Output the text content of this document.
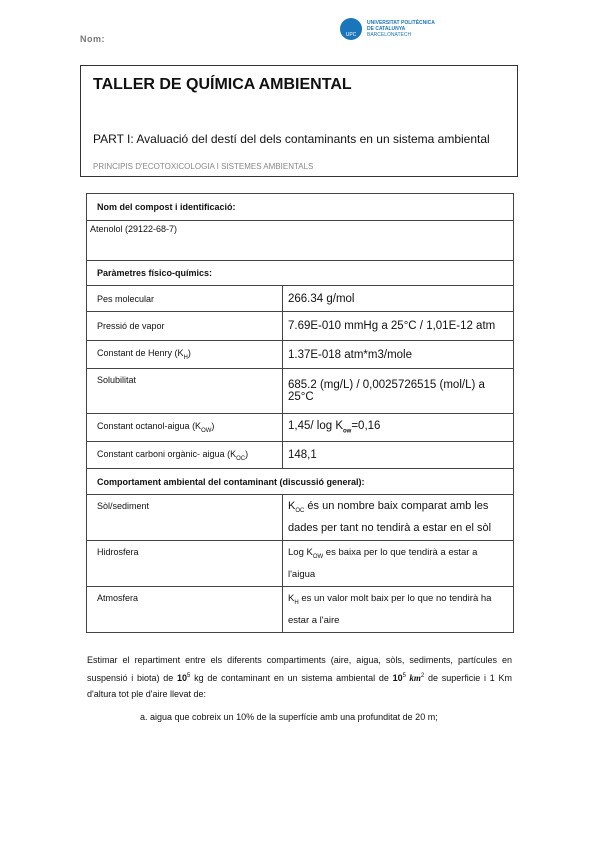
Nom:	UPC
UNIVERSITAT POLITÈCNICA
DE CATALUNYA
BARCELONATECH
TALLER DE QUÍMICA AMBIENTAL
PART I: Avaluació del destí del dels contaminants en un sistema ambiental PRINCIPIS D'ECOTOXICOLOGIA I SISTEMES AMBIENTALS
Nom del compost i identificació:	
Atenolol (29122-68-7)	
Paràmetres físico-químics:	
Pes molecular	266.34 g/mol
Pressió de vapor	7.69E-010 mmHg a 25°C / 1,01E-12 atm
Constant de Henry $(K_H)$	1.37E-018 atm*m3/mole
Solubilitat	685.2 (mg/L) / 0,0025726515 (mol/L) a 25°C
Constant octanol-aigua $(K_{OW})$	1,45/ $\log K_{ow}=0,16$
Constant carboni orgànic- aigua $(K_{OC})$	148,1
Comportament ambiental del contaminant (discussió general):	
Sòl/sediment	$K_{OC}$ és un nombre baix comparat amb les dades per tant no tendirà a estar en el sòl
Hidrosfera	Log $K_{OW}$ es baixa per lo que tendirà a estar a l'aigua
Atmosfera	$K_H$ es un valor molt baix per lo que no tendirà ha estar a l'aire
Estimar el repartiment entre els diferents compartiments (aire, aigua, sòls, sediments, partícules en suspensió i biota) de $10^5$ kg de contaminant en un sistema ambiental de $10^5$ $km^2$ de superficie i 1 Km d'altura tot ple d'aire llevat de:
a. aigua que cobreix un 10% de la superfície amb una profunditat de 20 m;
